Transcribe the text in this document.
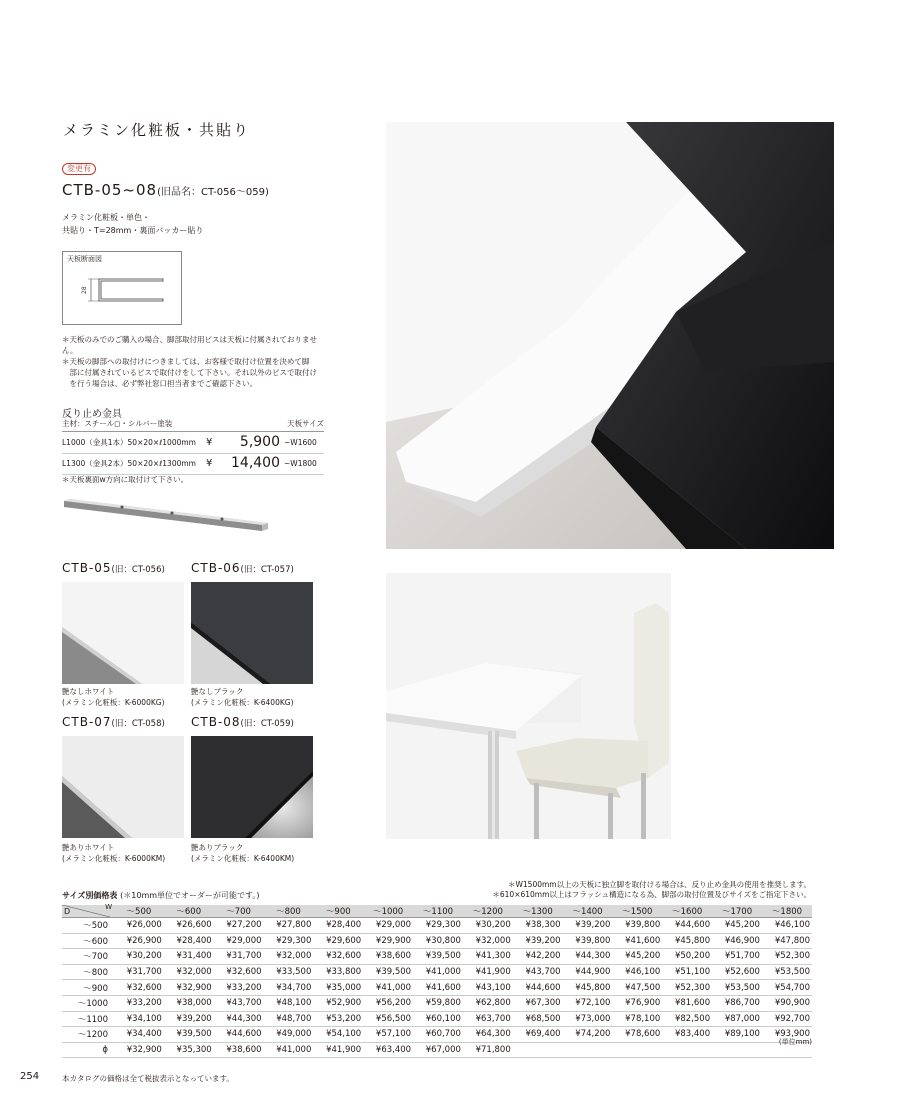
メラミン化粧板・共貼り
変更有
CTB-05~08(旧品名：CT-056〜059)
メラミン化粧板・単色・
共貼り・T=28mm・裏面バッカー貼り
天板断面図
28
＊天板のみでのご購入の場合、脚部取付用ビスは天板に付属されておりません。
＊天板の脚部への取付けにつきましては、お客様で取付け位置を決めて脚
　部に付属されているビスで取付けをして下さい。それ以外のビスで取付け
　を行う場合は、必ず弊社窓口担当者までご確認下さい。
反り止め金具
主材：スチール◻︎・シルバー塗装	天板サイズ
L1000（金具1本）50×20×ℓ1000mm	¥	5,900 ~W1600
L1300（金具2本）50×20×ℓ1300mm	¥	14,400 ~W1800
＊天板裏面w方向に取付けて下さい。
CTB-05(旧：CT-056) CTB-06(旧：CT-057)
艶なしホワイト
(メラミン化粧板：K-6000KG)
艶なしブラック
(メラミン化粧板：K-6400KG)
CTB-07(旧：CT-058) CTB-08(旧：CT-059)
艶ありホワイト
(メラミン化粧板：K-6000KM)
艶ありブラック
(メラミン化粧板：K-6400KM)
＊W1500mm以上の天板に独立脚を取付ける場合は、反り止め金具の使用を推奨します。
＊610×610mm以上はフラッシュ構造になる為、脚部の取付位置及びサイズをご指定下さい。
サイズ別価格表 (＊10mm単位でオーダーが可能です。)
D W	〜500	〜600	〜700	〜800	〜900	〜1000	〜1100	〜1200	〜1300	〜1400	〜1500	〜1600	〜1700	〜1800
〜500	¥26,000	¥26,600	¥27,200	¥27,800	¥28,400	¥29,000	¥29,300	¥30,200	¥38,300	¥39,200	¥39,800	¥44,600	¥45,200	¥46,100
〜600	¥26,900	¥28,400	¥29,000	¥29,300	¥29,600	¥29,900	¥30,800	¥32,000	¥39,200	¥39,800	¥41,600	¥45,800	¥46,900	¥47,800
〜700	¥30,200	¥31,400	¥31,700	¥32,000	¥32,600	¥38,600	¥39,500	¥41,300	¥42,200	¥44,300	¥45,200	¥50,200	¥51,700	¥52,300
〜800	¥31,700	¥32,000	¥32,600	¥33,500	¥33,800	¥39,500	¥41,000	¥41,900	¥43,700	¥44,900	¥46,100	¥51,100	¥52,600	¥53,500
〜900	¥32,600	¥32,900	¥33,200	¥34,700	¥35,000	¥41,000	¥41,600	¥43,100	¥44,600	¥45,800	¥47,500	¥52,300	¥53,500	¥54,700
〜1000	¥33,200	¥38,000	¥43,700	¥48,100	¥52,900	¥56,200	¥59,800	¥62,800	¥67,300	¥72,100	¥76,900	¥81,600	¥86,700	¥90,900
〜1100	¥34,100	¥39,200	¥44,300	¥48,700	¥53,200	¥56,500	¥60,100	¥63,700	¥68,500	¥73,000	¥78,100	¥82,500	¥87,000	¥92,700
〜1200	¥34,400	¥39,500	¥44,600	¥49,000	¥54,100	¥57,100	¥60,700	¥64,300	¥69,400	¥74,200	¥78,600	¥83,400	¥89,100	¥93,900
ϕ	¥32,900	¥35,300	¥38,600	¥41,000	¥41,900	¥63,400	¥67,000	¥71,800						
(単位mm)
254	本カタログの価格は全て税抜表示となっています。
